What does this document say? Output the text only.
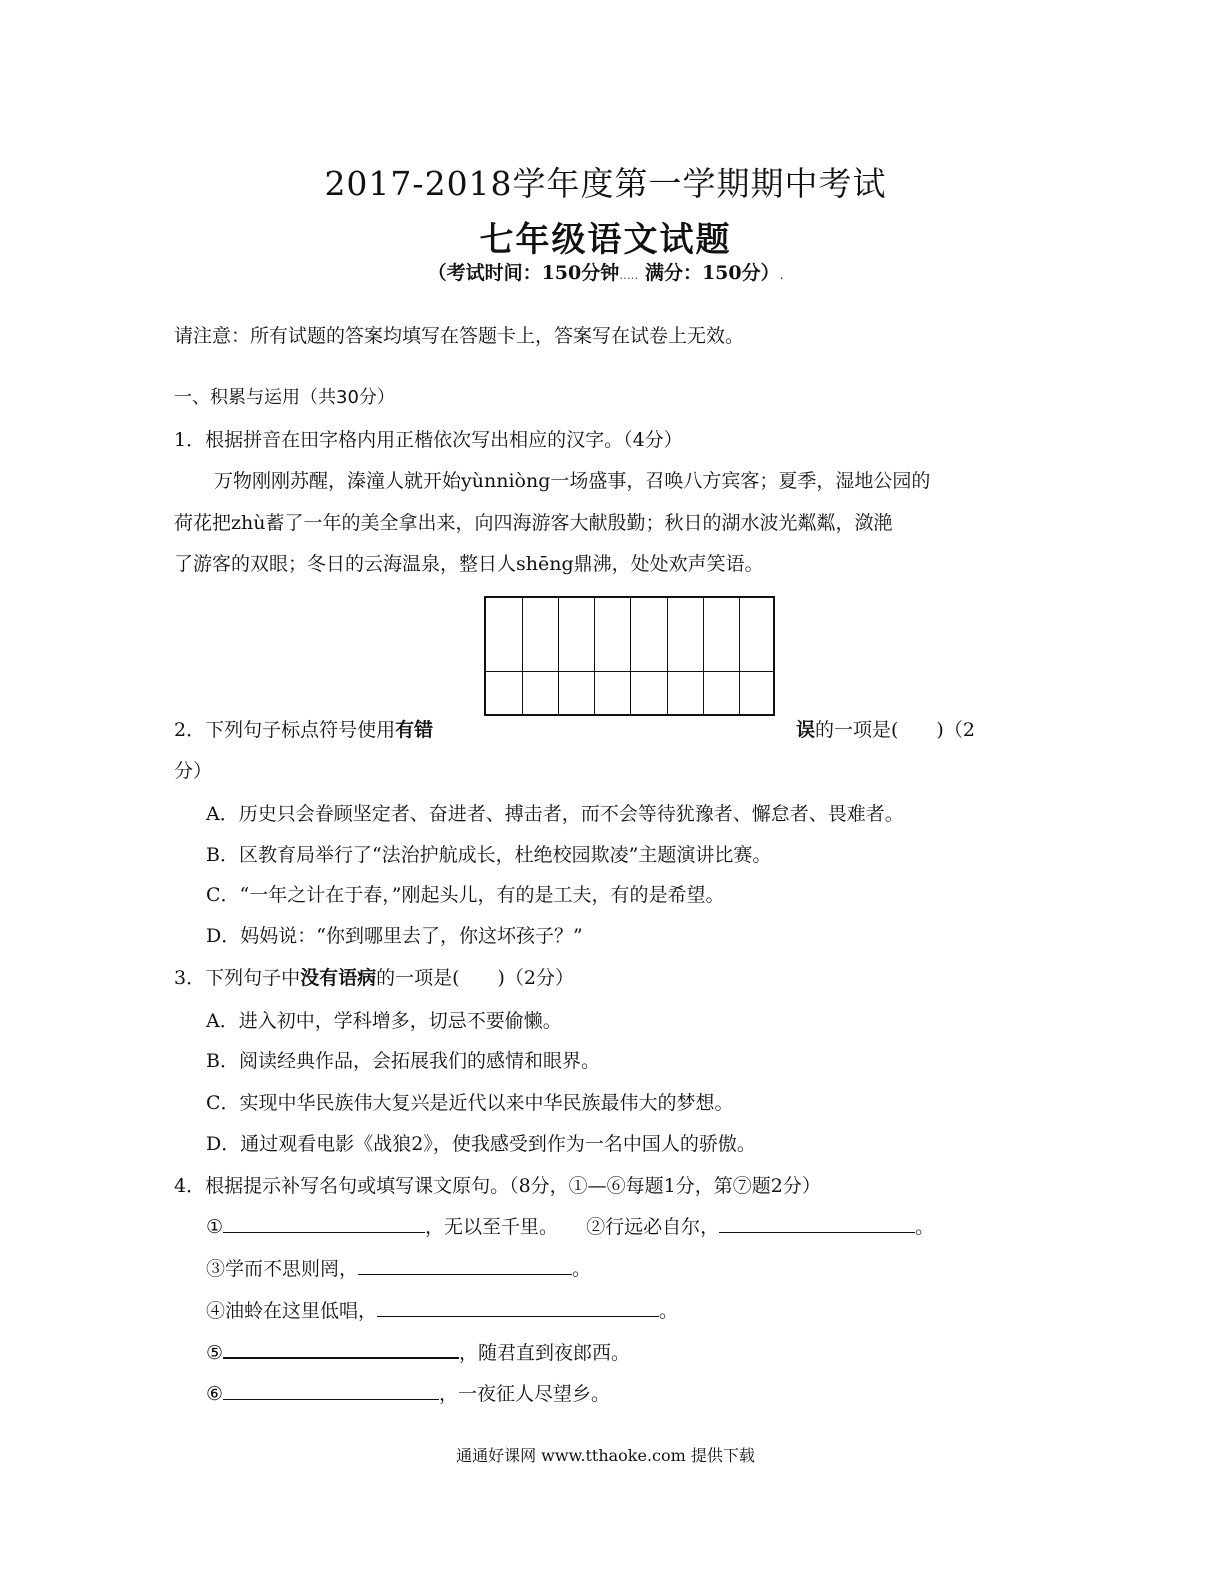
2017-2018学年度第一学期期中考试
七年级语文试题
（考试时间：150分钟..... 满分：150分）.
请注意：所有试题的答案均填写在答题卡上，答案写在试卷上无效。
一、积累与运用（共30分）
1．根据拼音在田字格内用正楷依次写出相应的汉字。（4分）
万物刚刚苏醒，溱潼人就开始yùnniòng一场盛事，召唤八方宾客；夏季，湿地公园的
荷花把zhù蓄了一年的美全拿出来，向四海游客大献殷勤；秋日的湖水波光粼粼，潋滟
了游客的双眼；冬日的云海温泉，整日人shēng鼎沸，处处欢声笑语。
2．下列句子标点符号使用有错	误的一项是(　　)（2
分）
A．历史只会眷顾坚定者、奋进者、搏击者，而不会等待犹豫者、懈怠者、畏难者。
B．区教育局举行了“法治护航成长，杜绝校园欺凌”主题演讲比赛。
C．“一年之计在于春，”刚起头儿，有的是工夫，有的是希望。
D．妈妈说：“你到哪里去了，你这坏孩子？”
3．下列句子中没有语病的一项是(　　)（2分）
A．进入初中，学科增多，切忌不要偷懒。
B．阅读经典作品，会拓展我们的感情和眼界。
C．实现中华民族伟大复兴是近代以来中华民族最伟大的梦想。
D．通过观看电影《战狼2》，使我感受到作为一名中国人的骄傲。
4．根据提示补写名句或填写课文原句。（8分，①—⑥每题1分，第⑦题2分）
①	，无以至千里。 ②行远必自尔，	。
③学而不思则罔，	。
④油蛉在这里低唱，	。
⑤	，随君直到夜郎西。
⑥	，一夜征人尽望乡。
通通好课网 www.tthaoke.com 提供下载
